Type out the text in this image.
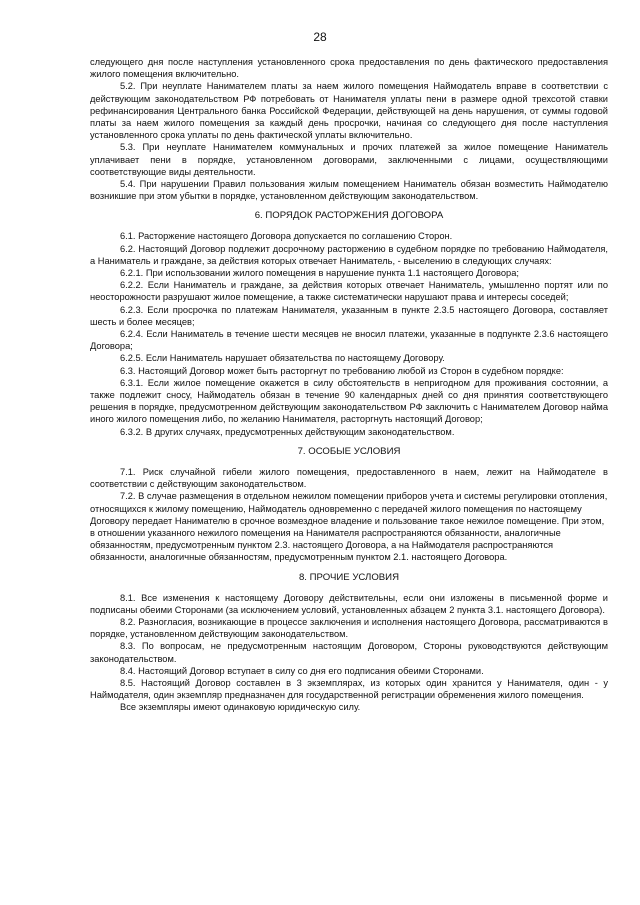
28

следующего дня после наступления установленного срока предоставления по день фактического предоставления жилого помещения включительно.

5.2. При неуплате Нанимателем платы за наем жилого помещения Наймодатель вправе в соответствии с действующим законодательством РФ потребовать от Нанимателя уплаты пени в размере одной трехсотой ставки рефинансирования Центрального банка Российской Федерации, действующей на день нарушения, от суммы годовой платы за наем жилого помещения за каждый день просрочки, начиная со следующего дня после наступления установленного срока уплаты по день фактической уплаты включительно.

5.3. При неуплате Нанимателем коммунальных и прочих платежей за жилое помещение Наниматель уплачивает пени в порядке, установленном договорами, заключенными с лицами, осуществляющими соответствующие виды деятельности.

5.4. При нарушении Правил пользования жилым помещением Наниматель обязан возместить Наймодателю возникшие при этом убытки в порядке, установленном действующим законодательством.

6. ПОРЯДОК РАСТОРЖЕНИЯ ДОГОВОРА

6.1. Расторжение настоящего Договора допускается по соглашению Сторон.

6.2. Настоящий Договор подлежит досрочному расторжению в судебном порядке по требованию Наймодателя, а Наниматель и граждане, за действия которых отвечает Наниматель, - выселению в следующих случаях:

6.2.1. При использовании жилого помещения в нарушение пункта 1.1 настоящего Договора;

6.2.2. Если Наниматель и граждане, за действия которых отвечает Наниматель, умышленно портят или по неосторожности разрушают жилое помещение, а также систематически нарушают права и интересы соседей;

6.2.3. Если просрочка по платежам Нанимателя, указанным в пункте 2.3.5 настоящего Договора, составляет шесть и более месяцев;

6.2.4. Если Наниматель в течение шести месяцев не вносил платежи, указанные в подпункте 2.3.6 настоящего Договора;

6.2.5. Если Наниматель нарушает обязательства по настоящему Договору.

6.3. Настоящий Договор может быть расторгнут по требованию любой из Сторон в судебном порядке:

6.3.1. Если жилое помещение окажется в силу обстоятельств в непригодном для проживания состоянии, а также подлежит сносу, Наймодатель обязан в течение 90 календарных дней со дня принятия соответствующего решения в порядке, предусмотренном действующим законодательством РФ заключить с Нанимателем Договор найма иного жилого помещения либо, по желанию Нанимателя, расторгнуть настоящий Договор;

6.3.2. В других случаях, предусмотренных действующим законодательством.

7. ОСОБЫЕ УСЛОВИЯ

7.1. Риск случайной гибели жилого помещения, предоставленного в наем, лежит на Наймодателе в соответствии с действующим законодательством.

7.2. В случае размещения в отдельном нежилом помещении приборов учета и системы регулировки отопления, относящихся к жилому помещению, Наймодатель одновременно с передачей жилого помещения по настоящему Договору передает Нанимателю в срочное возмездное владение и пользование такое нежилое помещение. При этом, в отношении указанного нежилого помещения на Нанимателя распространяются обязанности, аналогичные обязанностям, предусмотренным пунктом 2.3. настоящего Договора, а на Наймодателя распространяются обязанности, аналогичные обязанностям, предусмотренным пунктом 2.1. настоящего Договора.

8. ПРОЧИЕ УСЛОВИЯ

8.1. Все изменения к настоящему Договору действительны, если они изложены в письменной форме и подписаны обеими Сторонами (за исключением условий, установленных абзацем 2 пункта 3.1. настоящего Договора).

8.2. Разногласия, возникающие в процессе заключения и исполнения настоящего Договора, рассматриваются в порядке, установленном действующим законодательством.

8.3. По вопросам, не предусмотренным настоящим Договором, Стороны руководствуются действующим законодательством.

8.4. Настоящий Договор вступает в силу со дня его подписания обеими Сторонами.

8.5. Настоящий Договор составлен в 3 экземплярах, из которых один хранится у Нанимателя, один - у Наймодателя, один экземпляр предназначен для государственной регистрации обременения жилого помещения.

Все экземпляры имеют одинаковую юридическую силу.
